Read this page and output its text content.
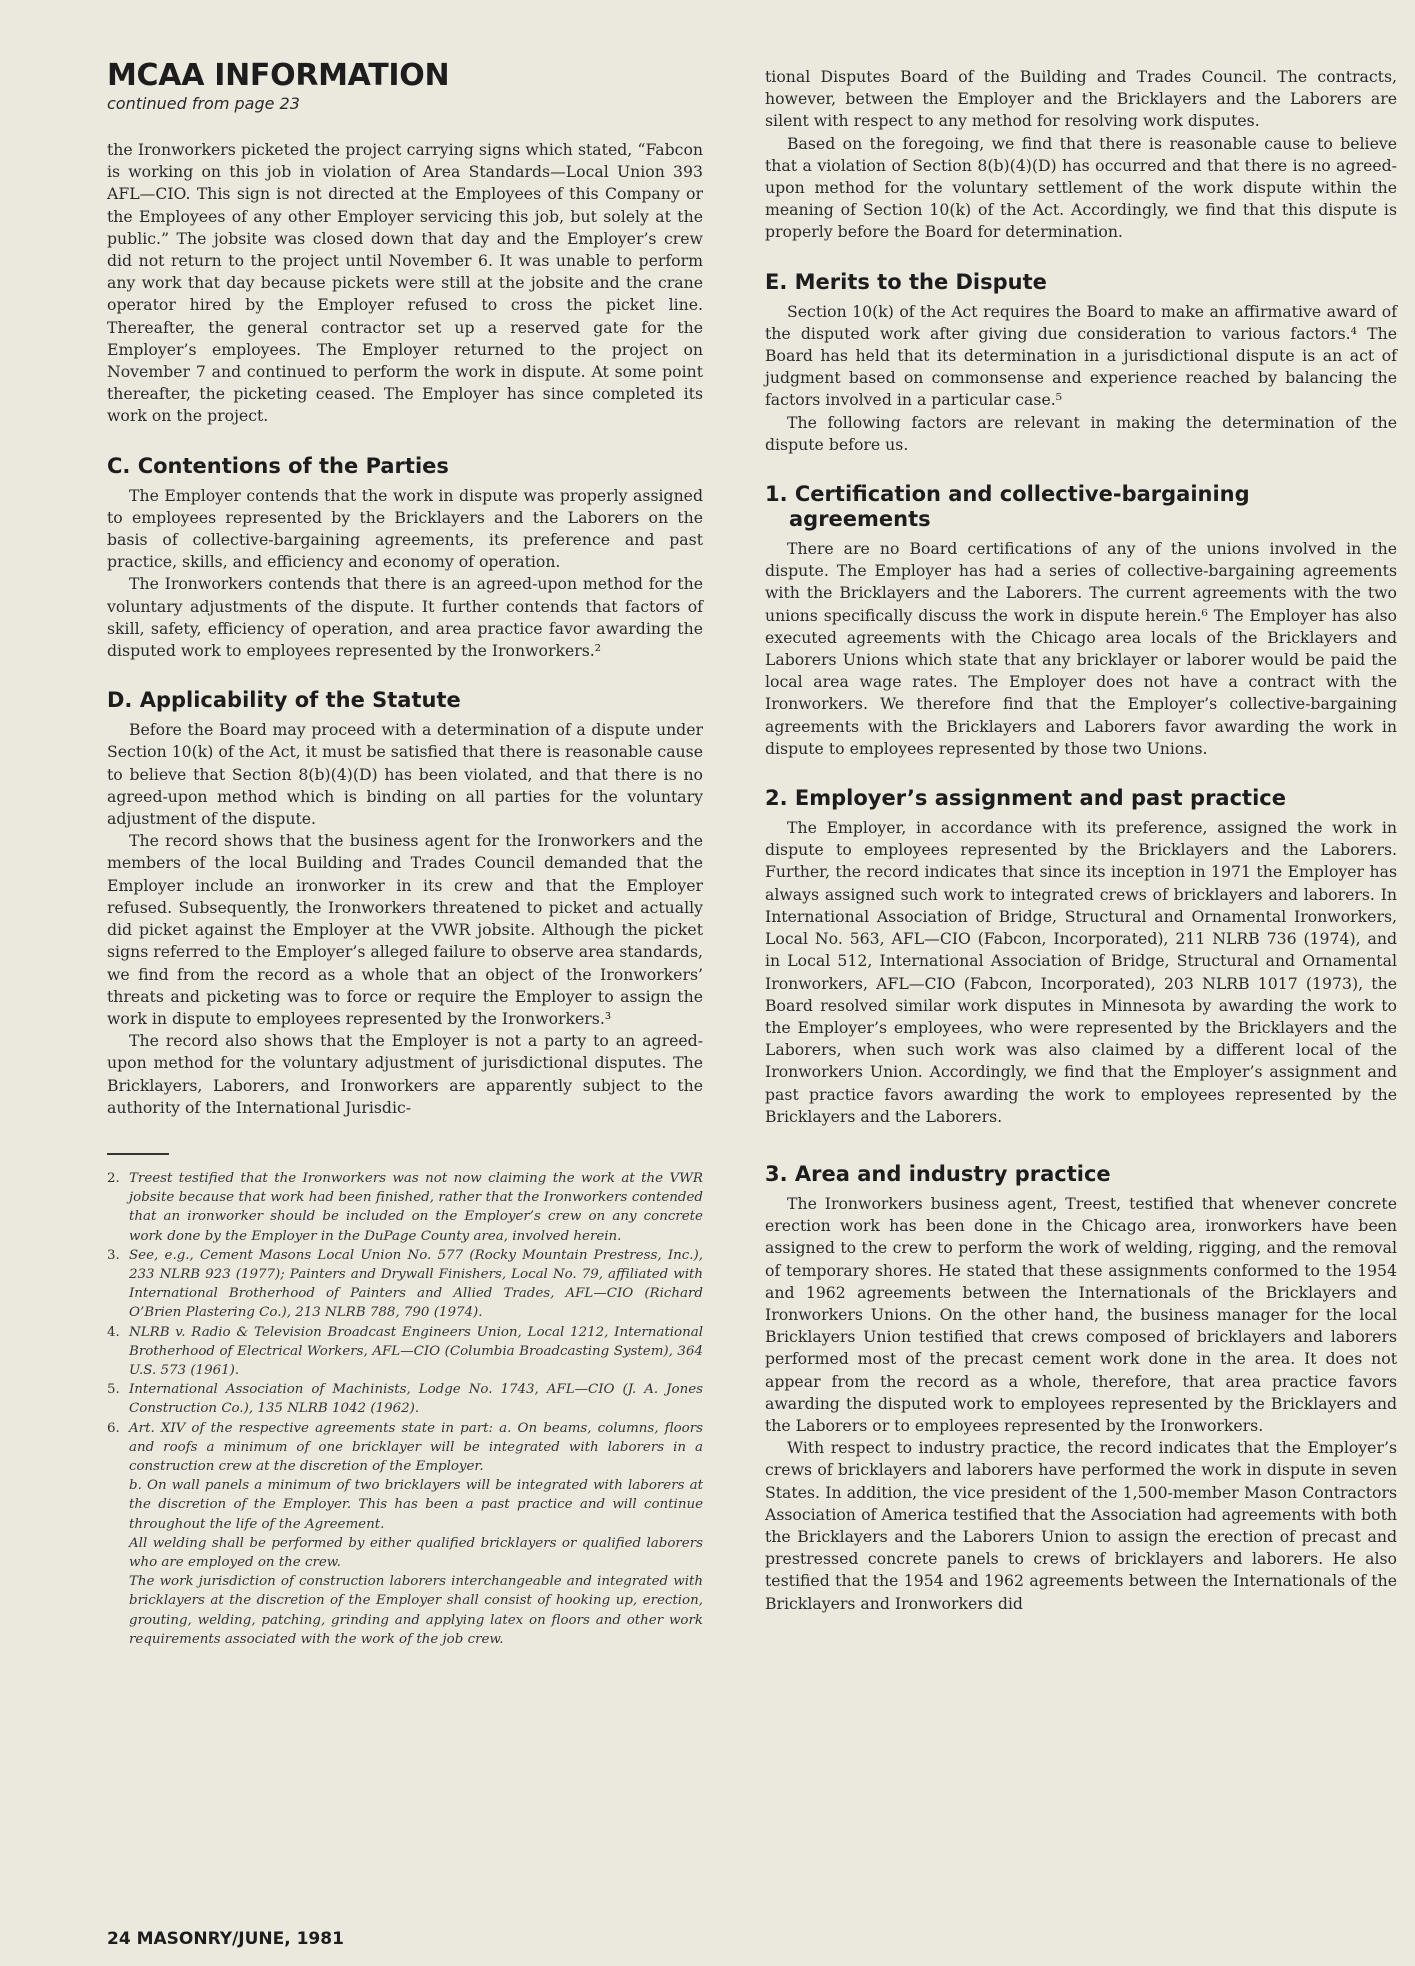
MCAA INFORMATION
continued from page 23

the Ironworkers picketed the project carrying signs which stated, “Fabcon is working on this job in violation of Area Standards—Local Union 393 AFL—CIO. This sign is not directed at the Employees of this Company or the Employees of any other Employer servicing this job, but solely at the public.” The jobsite was closed down that day and the Employer’s crew did not return to the project until November 6. It was unable to perform any work that day because pickets were still at the jobsite and the crane operator hired by the Employer refused to cross the picket line. Thereafter, the general contractor set up a reserved gate for the Employer’s employees. The Employer returned to the project on November 7 and continued to perform the work in dispute. At some point thereafter, the picketing ceased. The Employer has since completed its work on the project.

C. Contentions of the Parties

The Employer contends that the work in dispute was properly assigned to employees represented by the Bricklayers and the Laborers on the basis of collective-bargaining agreements, its preference and past practice, skills, and efficiency and economy of operation.

The Ironworkers contends that there is an agreed-upon method for the voluntary adjustments of the dispute. It further contends that factors of skill, safety, efficiency of operation, and area practice favor awarding the disputed work to employees represented by the Ironworkers.²

D. Applicability of the Statute

Before the Board may proceed with a determination of a dispute under Section 10(k) of the Act, it must be satisfied that there is reasonable cause to believe that Section 8(b)(4)(D) has been violated, and that there is no agreed-upon method which is binding on all parties for the voluntary adjustment of the dispute.

The record shows that the business agent for the Ironworkers and the members of the local Building and Trades Council demanded that the Employer include an ironworker in its crew and that the Employer refused. Subsequently, the Ironworkers threatened to picket and actually did picket against the Employer at the VWR jobsite. Although the picket signs referred to the Employer’s alleged failure to observe area standards, we find from the record as a whole that an object of the Ironworkers’ threats and picketing was to force or require the Employer to assign the work in dispute to employees represented by the Ironworkers.³

The record also shows that the Employer is not a party to an agreed-upon method for the voluntary adjustment of jurisdictional disputes. The Bricklayers, Laborers, and Ironworkers are apparently subject to the authority of the International Jurisdic-

2. Treest testified that the Ironworkers was not now claiming the work at the VWR jobsite because that work had been finished, rather that the Ironworkers contended that an ironworker should be included on the Employer’s crew on any concrete work done by the Employer in the DuPage County area, involved herein.
3. See, e.g., Cement Masons Local Union No. 577 (Rocky Mountain Prestress, Inc.), 233 NLRB 923 (1977); Painters and Drywall Finishers, Local No. 79, affiliated with International Brotherhood of Painters and Allied Trades, AFL—CIO (Richard O’Brien Plastering Co.), 213 NLRB 788, 790 (1974).
4. NLRB v. Radio & Television Broadcast Engineers Union, Local 1212, International Brotherhood of Electrical Workers, AFL—CIO (Columbia Broadcasting System), 364 U.S. 573 (1961).
5. International Association of Machinists, Lodge No. 1743, AFL—CIO (J. A. Jones Construction Co.), 135 NLRB 1042 (1962).
6. Art. XIV of the respective agreements state in part: a. On beams, columns, floors and roofs a minimum of one bricklayer will be integrated with laborers in a construction crew at the discretion of the Employer.
b. On wall panels a minimum of two bricklayers will be integrated with laborers at the discretion of the Employer. This has been a past practice and will continue throughout the life of the Agreement.
All welding shall be performed by either qualified bricklayers or qualified laborers who are employed on the crew.
The work jurisdiction of construction laborers interchangeable and integrated with bricklayers at the discretion of the Employer shall consist of hooking up, erection, grouting, welding, patching, grinding and applying latex on floors and other work requirements associated with the work of the job crew.

tional Disputes Board of the Building and Trades Council. The contracts, however, between the Employer and the Bricklayers and the Laborers are silent with respect to any method for resolving work disputes.

Based on the foregoing, we find that there is reasonable cause to believe that a violation of Section 8(b)(4)(D) has occurred and that there is no agreed-upon method for the voluntary settlement of the work dispute within the meaning of Section 10(k) of the Act. Accordingly, we find that this dispute is properly before the Board for determination.

E. Merits to the Dispute

Section 10(k) of the Act requires the Board to make an affirmative award of the disputed work after giving due consideration to various factors.⁴ The Board has held that its determination in a jurisdictional dispute is an act of judgment based on commonsense and experience reached by balancing the factors involved in a particular case.⁵

The following factors are relevant in making the determination of the dispute before us.

1. Certification and collective-bargaining agreements

There are no Board certifications of any of the unions involved in the dispute. The Employer has had a series of collective-bargaining agreements with the Bricklayers and the Laborers. The current agreements with the two unions specifically discuss the work in dispute herein.⁶ The Employer has also executed agreements with the Chicago area locals of the Bricklayers and Laborers Unions which state that any bricklayer or laborer would be paid the local area wage rates. The Employer does not have a contract with the Ironworkers. We therefore find that the Employer’s collective-bargaining agreements with the Bricklayers and Laborers favor awarding the work in dispute to employees represented by those two Unions.

2. Employer’s assignment and past practice

The Employer, in accordance with its preference, assigned the work in dispute to employees represented by the Bricklayers and the Laborers. Further, the record indicates that since its inception in 1971 the Employer has always assigned such work to integrated crews of bricklayers and laborers. In International Association of Bridge, Structural and Ornamental Ironworkers, Local No. 563, AFL—CIO (Fabcon, Incorporated), 211 NLRB 736 (1974), and in Local 512, International Association of Bridge, Structural and Ornamental Ironworkers, AFL—CIO (Fabcon, Incorporated), 203 NLRB 1017 (1973), the Board resolved similar work disputes in Minnesota by awarding the work to the Employer’s employees, who were represented by the Bricklayers and the Laborers, when such work was also claimed by a different local of the Ironworkers Union. Accordingly, we find that the Employer’s assignment and past practice favors awarding the work to employees represented by the Bricklayers and the Laborers.

3. Area and industry practice

The Ironworkers business agent, Treest, testified that whenever concrete erection work has been done in the Chicago area, ironworkers have been assigned to the crew to perform the work of welding, rigging, and the removal of temporary shores. He stated that these assignments conformed to the 1954 and 1962 agreements between the Internationals of the Bricklayers and Ironworkers Unions. On the other hand, the business manager for the local Bricklayers Union testified that crews composed of bricklayers and laborers performed most of the precast cement work done in the area. It does not appear from the record as a whole, therefore, that area practice favors awarding the disputed work to employees represented by the Bricklayers and the Laborers or to employees represented by the Ironworkers.

With respect to industry practice, the record indicates that the Employer’s crews of bricklayers and laborers have performed the work in dispute in seven States. In addition, the vice president of the 1,500-member Mason Contractors Association of America testified that the Association had agreements with both the Bricklayers and the Laborers Union to assign the erection of precast and prestressed concrete panels to crews of bricklayers and laborers. He also testified that the 1954 and 1962 agreements between the Internationals of the Bricklayers and Ironworkers did

24 MASONRY/JUNE, 1981
